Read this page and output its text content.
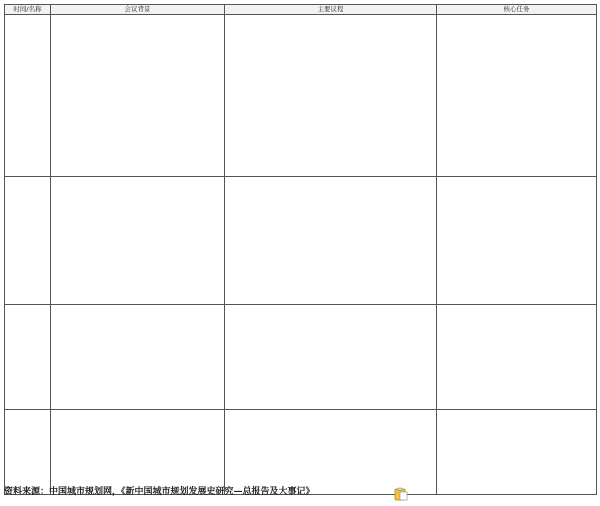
时间/名称	会议背景	主要议程	核心任务

资料来源：中国城市规划网，《新中国城市规划发展史研究—总报告及大事记》
